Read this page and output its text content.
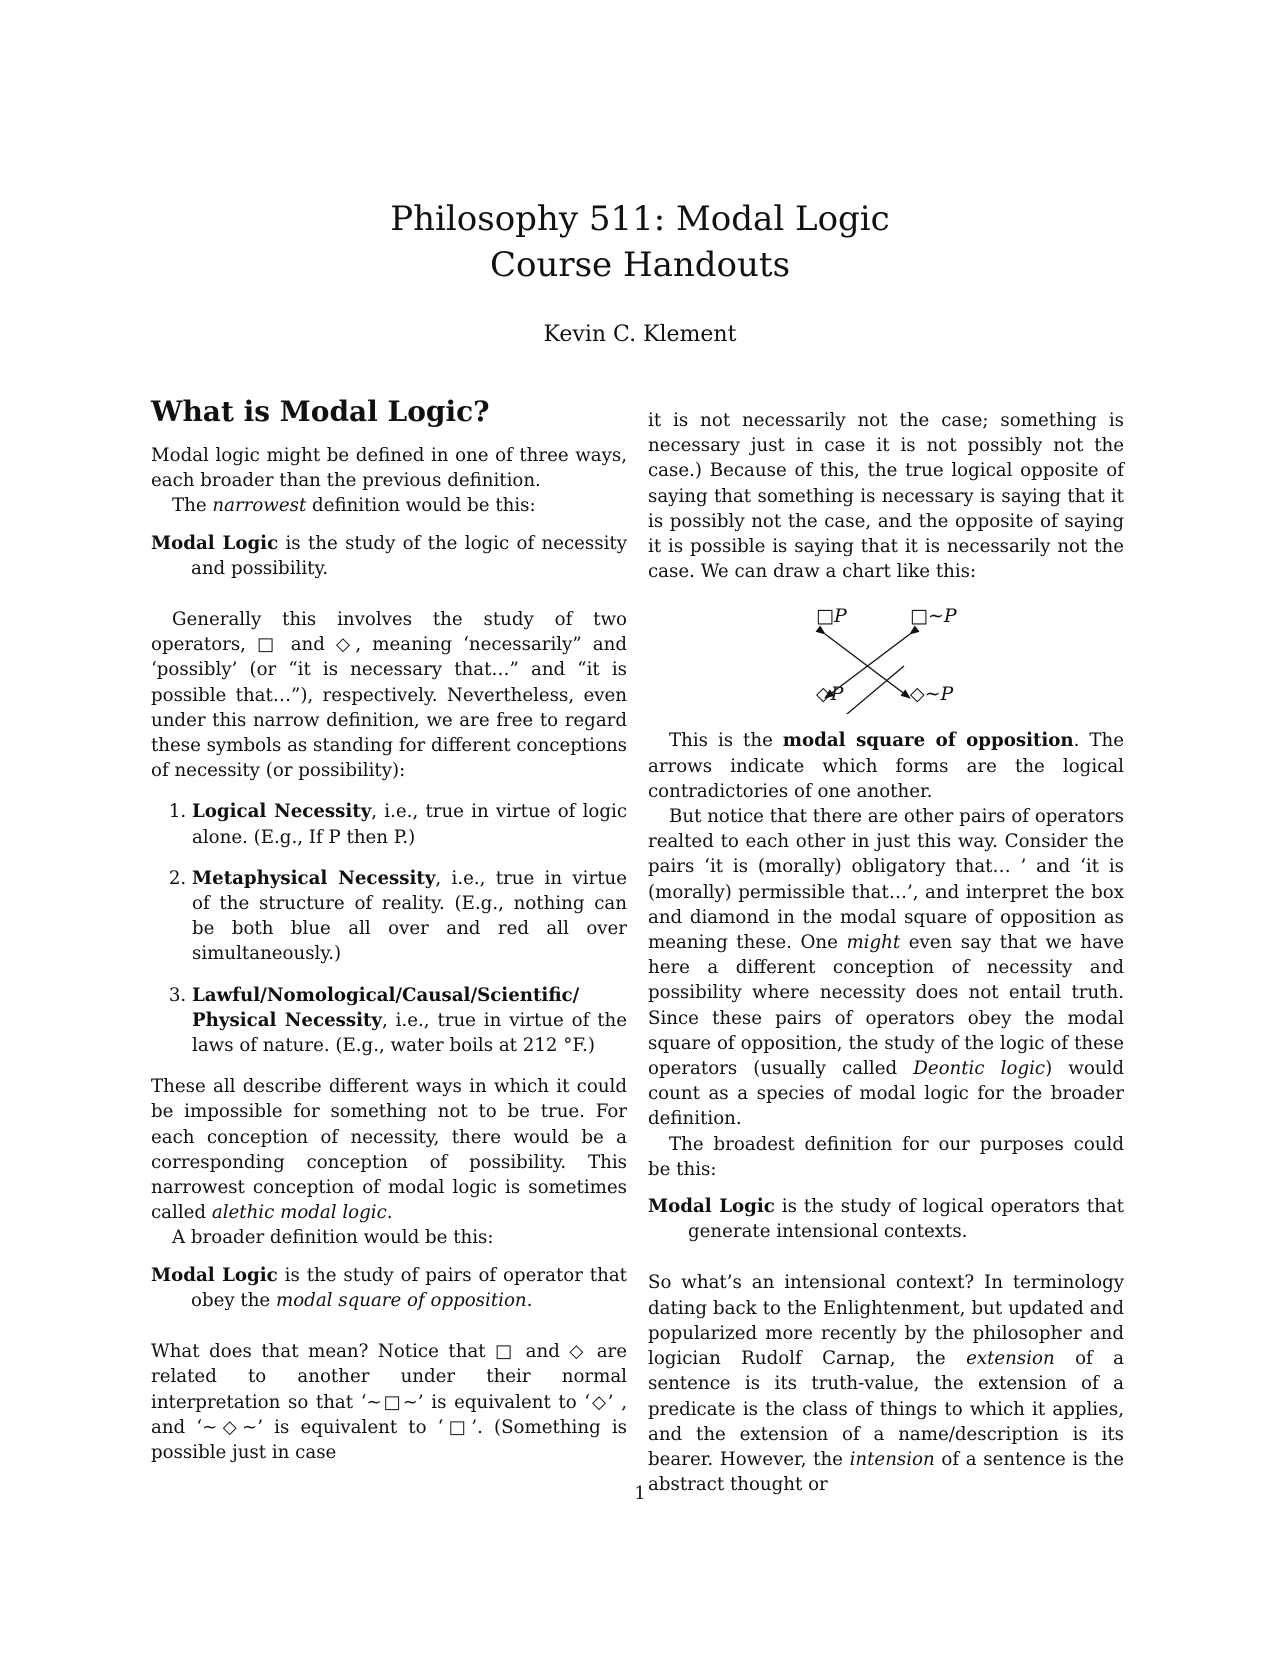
Philosophy 511: Modal Logic
Course Handouts
Kevin C. Klement
What is Modal Logic?

Modal logic might be defined in one of three ways, each broader than the previous definition.

The narrowest definition would be this:

Modal Logic is the study of the logic of necessity and possibility.

Generally this involves the study of two operators, □ and ◇, meaning ‘necessarily” and ‘possibly’ (or “it is necessary that…” and “it is possible that…”), respectively. Nevertheless, even under this narrow definition, we are free to regard these symbols as standing for different conceptions of necessity (or possibility):

1. Logical Necessity, i.e., true in virtue of logic alone. (E.g., If P then P.)
2. Metaphysical Necessity, i.e., true in virtue of the structure of reality. (E.g., nothing can be both blue all over and red all over simultaneously.)
3. Lawful/Nomological/Causal/Scientific/ Physical Necessity, i.e., true in virtue of the laws of nature. (E.g., water boils at 212 °F.)

These all describe different ways in which it could be impossible for something not to be true. For each conception of necessity, there would be a corresponding conception of possibility. This narrowest conception of modal logic is sometimes called alethic modal logic.

A broader definition would be this:

Modal Logic is the study of pairs of operator that obey the modal square of opposition.

What does that mean? Notice that □ and ◇ are related to another under their normal interpretation so that ‘∼□∼’ is equivalent to ‘◇’ , and ‘∼◇∼’ is equivalent to ‘□’. (Something is possible just in case

it is not necessarily not the case; something is necessary just in case it is not possibly not the case.) Because of this, the true logical opposite of saying that something is necessary is saying that it is possibly not the case, and the opposite of saying it is possible is saying that it is necessarily not the case. We can draw a chart like this:

□P	□∼P
◇P	◇∼P

This is the modal square of opposition. The arrows indicate which forms are the logical contradictories of one another.

But notice that there are other pairs of operators realted to each other in just this way. Consider the pairs ‘it is (morally) obligatory that… ’ and ‘it is (morally) permissible that…’, and interpret the box and diamond in the modal square of opposition as meaning these. One might even say that we have here a different conception of necessity and possibility where necessity does not entail truth. Since these pairs of operators obey the modal square of opposition, the study of the logic of these operators (usually called Deontic logic) would count as a species of modal logic for the broader definition.

The broadest definition for our purposes could be this:

Modal Logic is the study of logical operators that generate intensional contexts.

So what’s an intensional context? In terminology dating back to the Enlightenment, but updated and popularized more recently by the philosopher and logician Rudolf Carnap, the extension of a sentence is its truth-value, the extension of a predicate is the class of things to which it applies, and the extension of a name/description is its bearer. However, the intension of a sentence is the abstract thought or

1
